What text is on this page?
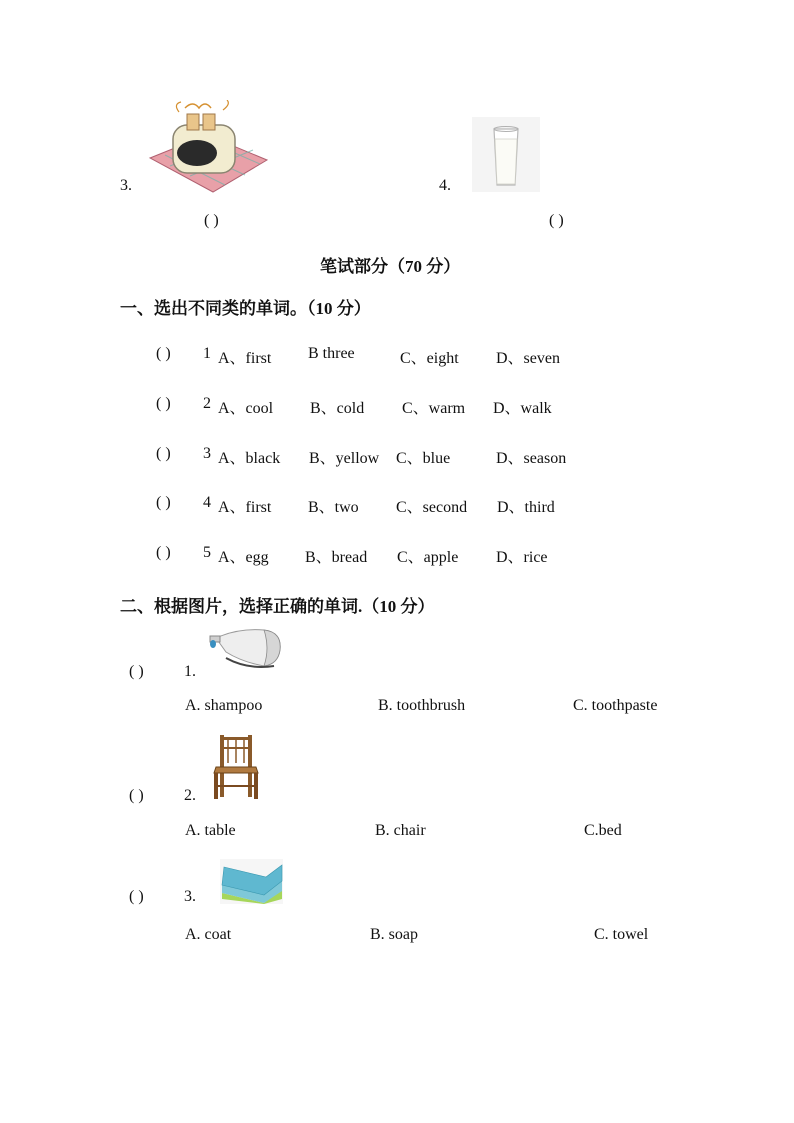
3.
( )
4.
( )
笔试部分（70 分）
一、选出不同类的单词。（10 分）
( ) 1 A、first B three	C、eight D、seven
( ) 2 A、cool B、cold C、warm D、walk
( ) 3 A、black B、yellow C、blue	D、season
( ) 4 A、first B、two C、second D、third
( ) 5 A、egg B、bread C、apple D、rice
二、根据图片，选择正确的单词.（10 分）
( )	1.
A. shampoo	B. toothbrush	C. toothpaste
( )	2.
A. table	B. chair	C.bed
( )	3.
A. coat	B. soap	C. towel
